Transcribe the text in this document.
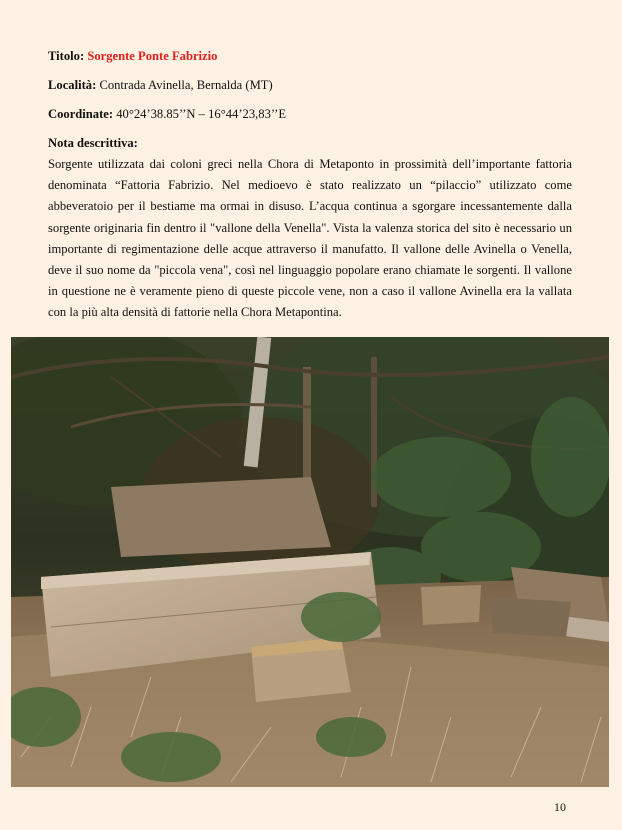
Titolo: Sorgente Ponte Fabrizio

Località: Contrada Avinella, Bernalda (MT)

Coordinate: 40°24’38.85’’N – 16°44’23,83’’E

Nota descrittiva:

Sorgente utilizzata dai coloni greci nella Chora di Metaponto in prossimità dell’importante fattoria denominata “Fattoria Fabrizio. Nel medioevo è stato realizzato un “pilaccio” utilizzato come abbeveratoio per il bestiame ma ormai in disuso. L’acqua continua a sgorgare incessantemente dalla sorgente originaria fin dentro il "vallone della Venella". Vista la valenza storica del sito è necessario un importante di regimentazione delle acque attraverso il manufatto. Il vallone delle Avinella o Venella, deve il suo nome da "piccola vena", così nel linguaggio popolare erano chiamate le sorgenti. Il vallone in questione ne è veramente pieno di queste piccole vene, non a caso il vallone Avinella era la vallata con la più alta densità di fattorie nella Chora Metapontina.

10
